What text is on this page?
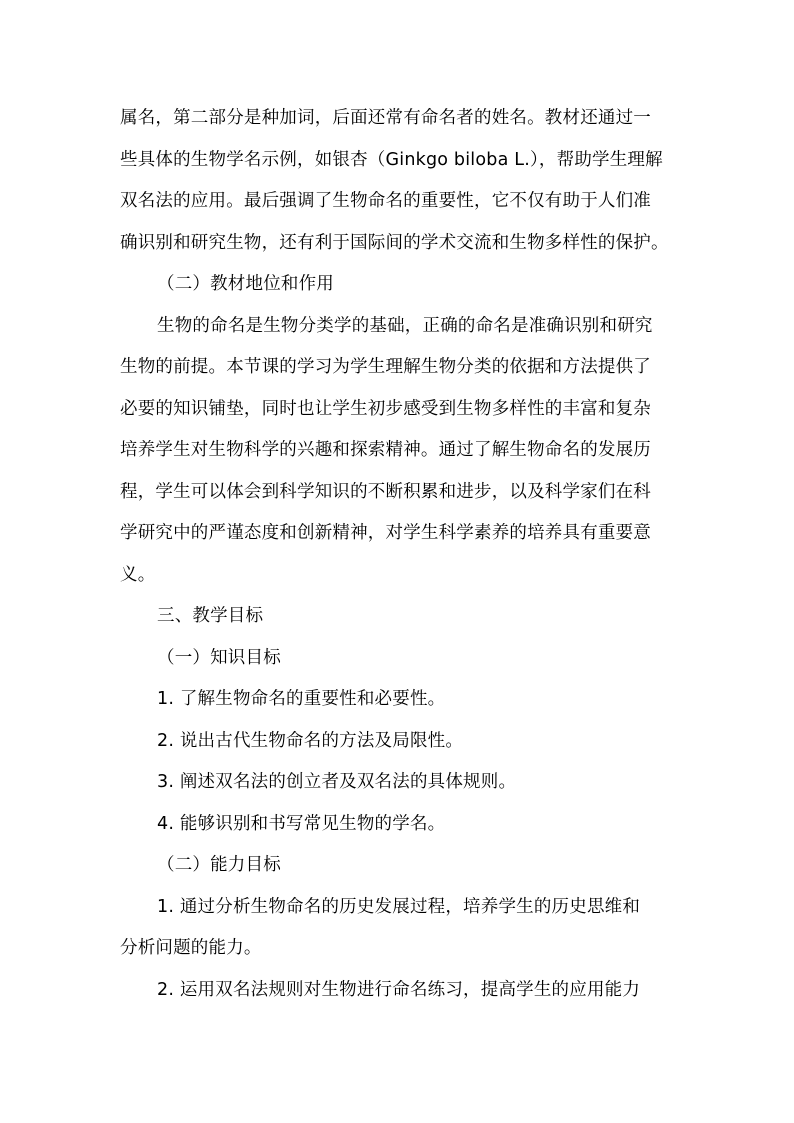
属名，第二部分是种加词，后面还常有命名者的姓名。教材还通过一
些具体的生物学名示例，如银杏（Ginkgo biloba L.），帮助学生理解
双名法的应用。最后强调了生物命名的重要性，它不仅有助于人们准
确识别和研究生物，还有利于国际间的学术交流和生物多样性的保护。
（二）教材地位和作用
生物的命名是生物分类学的基础，正确的命名是准确识别和研究
生物的前提。本节课的学习为学生理解生物分类的依据和方法提供了
必要的知识铺垫，同时也让学生初步感受到生物多样性的丰富和复杂
培养学生对生物科学的兴趣和探索精神。通过了解生物命名的发展历
程，学生可以体会到科学知识的不断积累和进步，以及科学家们在科
学研究中的严谨态度和创新精神，对学生科学素养的培养具有重要意
义。
三、教学目标
（一）知识目标
1. 了解生物命名的重要性和必要性。
2. 说出古代生物命名的方法及局限性。
3. 阐述双名法的创立者及双名法的具体规则。
4. 能够识别和书写常见生物的学名。
（二）能力目标
1. 通过分析生物命名的历史发展过程，培养学生的历史思维和
分析问题的能力。
2. 运用双名法规则对生物进行命名练习，提高学生的应用能力
